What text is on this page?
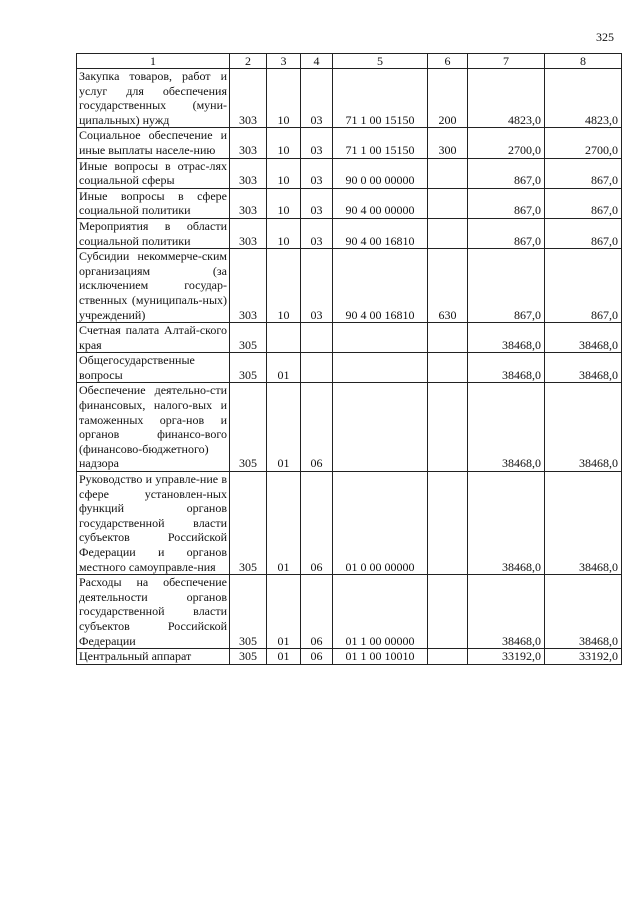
325
1	2	3	4	5	6	7	8
Закупка товаров, работ и услуг для обеспечения государственных (муни-ципальных) нужд	303	10	03	71 1 00 15150	200	4823,0	4823,0
Социальное обеспечение и иные выплаты населе-нию	303	10	03	71 1 00 15150	300	2700,0	2700,0
Иные вопросы в отрас-лях социальной сферы	303	10	03	90 0 00 00000		867,0	867,0
Иные вопросы в сфере социальной политики	303	10	03	90 4 00 00000		867,0	867,0
Мероприятия в области социальной политики	303	10	03	90 4 00 16810		867,0	867,0
Субсидии некоммерче-ским организациям (за исключением государ-ственных (муниципаль-ных) учреждений)	303	10	03	90 4 00 16810	630	867,0	867,0
Счетная палата Алтай-ского края	305					38468,0	38468,0
Общегосударственные вопросы	305	01				38468,0	38468,0
Обеспечение деятельно-сти финансовых, налого-вых и таможенных орга-нов и органов финансо-вого (финансово-бюджетного) надзора	305	01	06			38468,0	38468,0
Руководство и управле-ние в сфере установлен-ных функций органов государственной власти субъектов Российской Федерации и органов местного самоуправле-ния	305	01	06	01 0 00 00000		38468,0	38468,0
Расходы на обеспечение деятельности органов государственной власти субъектов Российской Федерации	305	01	06	01 1 00 00000		38468,0	38468,0
Центральный аппарат	305	01	06	01 1 00 10010		33192,0	33192,0
